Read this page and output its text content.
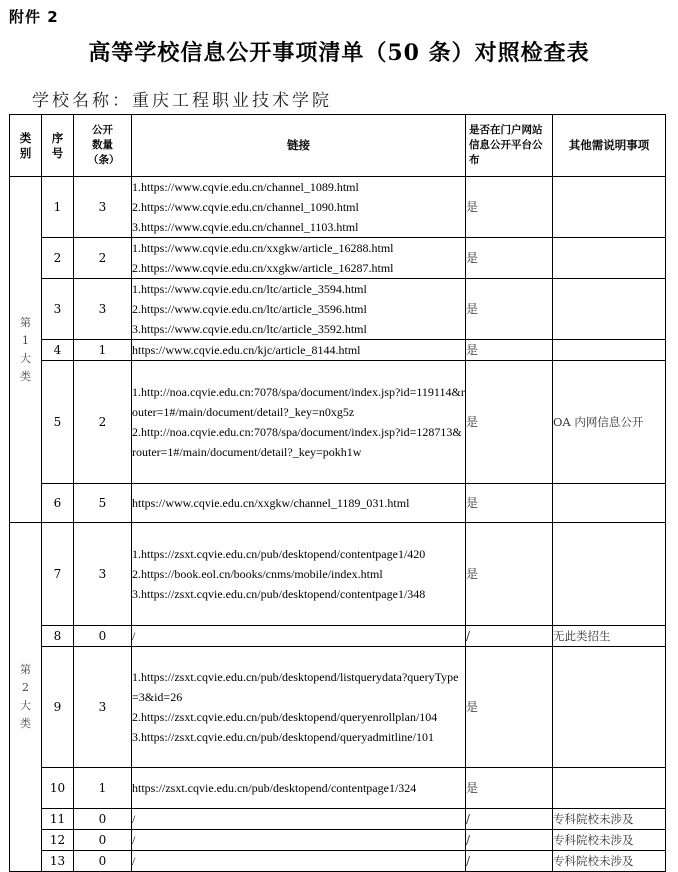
附件 2
高等学校信息公开事项清单（50 条）对照检查表
学校名称：重庆工程职业技术学院
类别	序号	公开数量（条）	链接	是否在门户网站信息公开平台公布	其他需说明事项

第1大类	1	3	1.https://www.cqvie.edu.cn/channel_1089.html
2.https://www.cqvie.edu.cn/channel_1090.html
3.https://www.cqvie.edu.cn/channel_1103.html	是	
	2	2	1.https://www.cqvie.edu.cn/xxgkw/article_16288.html
2.https://www.cqvie.edu.cn/xxgkw/article_16287.html	是	
	3	3	1.https://www.cqvie.edu.cn/ltc/article_3594.html
2.https://www.cqvie.edu.cn/ltc/article_3596.html
3.https://www.cqvie.edu.cn/ltc/article_3592.html	是	
	4	1	https://www.cqvie.edu.cn/kjc/article_8144.html	是	
	5	2	1.http://noa.cqvie.edu.cn:7078/spa/document/index.jsp?id=119114&router=1#/main/document/detail?_key=n0xg5z
2.http://noa.cqvie.edu.cn:7078/spa/document/index.jsp?id=128713&router=1#/main/document/detail?_key=pokh1w	是	OA 内网信息公开
	6	5	https://www.cqvie.edu.cn/xxgkw/channel_1189_031.html	是	

第2大类	7	3	1.https://zsxt.cqvie.edu.cn/pub/desktopend/contentpage1/420
2.https://book.eol.cn/books/cnms/mobile/index.html
3.https://zsxt.cqvie.edu.cn/pub/desktopend/contentpage1/348	是	
	8	0	/	/	无此类招生
	9	3	1.https://zsxt.cqvie.edu.cn/pub/desktopend/listquerydata?queryType=3&id=26
2.https://zsxt.cqvie.edu.cn/pub/desktopend/queryenrollplan/104
3.https://zsxt.cqvie.edu.cn/pub/desktopend/queryadmitline/101	是	
	10	1	https://zsxt.cqvie.edu.cn/pub/desktopend/contentpage1/324	是	
	11	0	/	/	专科院校未涉及
	12	0	/	/	专科院校未涉及
	13	0	/	/	专科院校未涉及
